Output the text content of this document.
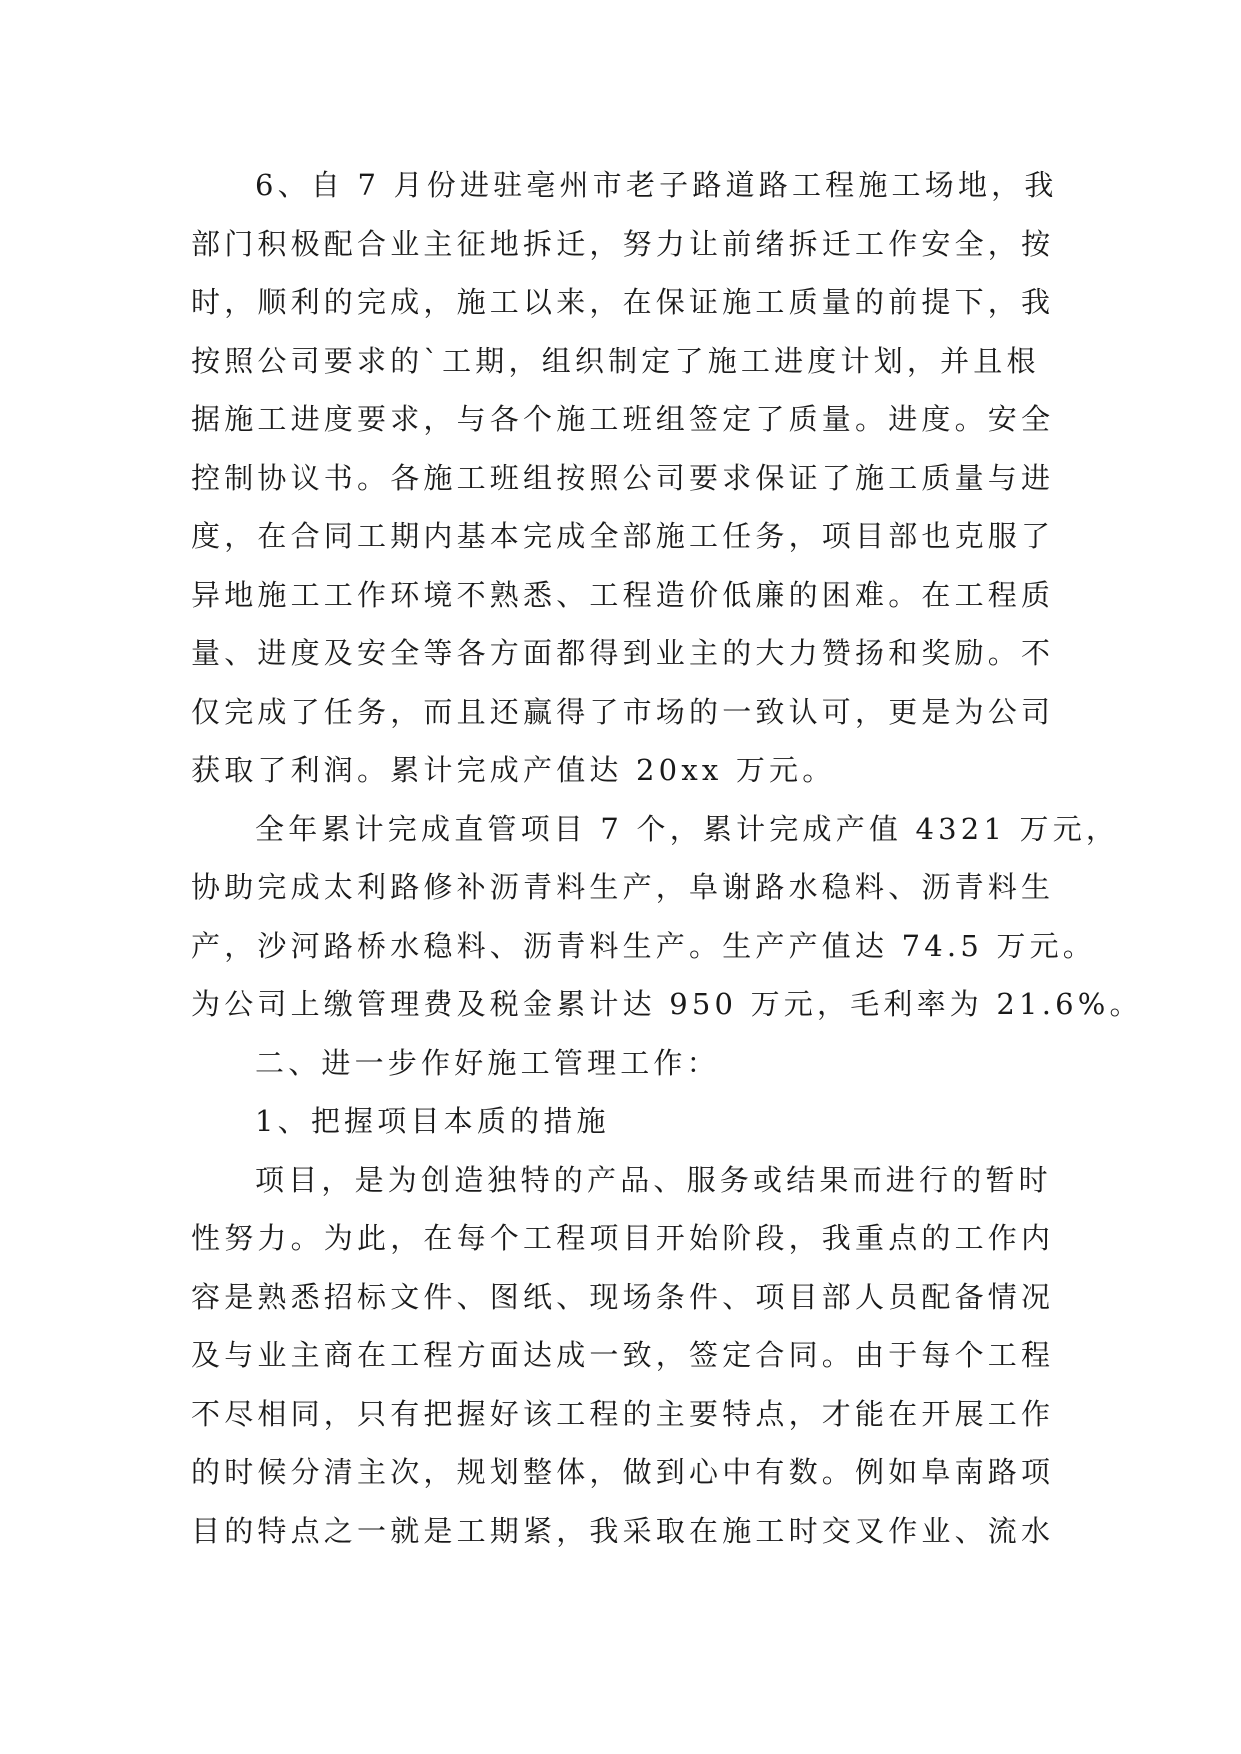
6、自 7 月份进驻亳州市老子路道路工程施工场地，我
部门积极配合业主征地拆迁，努力让前绪拆迁工作安全，按
时，顺利的完成，施工以来，在保证施工质量的前提下，我
按照公司要求的`工期，组织制定了施工进度计划，并且根
据施工进度要求，与各个施工班组签定了质量。进度。安全
控制协议书。各施工班组按照公司要求保证了施工质量与进
度，在合同工期内基本完成全部施工任务，项目部也克服了
异地施工工作环境不熟悉、工程造价低廉的困难。在工程质
量、进度及安全等各方面都得到业主的大力赞扬和奖励。不
仅完成了任务，而且还赢得了市场的一致认可，更是为公司
获取了利润。累计完成产值达 20xx 万元。
全年累计完成直管项目 7 个，累计完成产值 4321 万元，
协助完成太利路修补沥青料生产，阜谢路水稳料、沥青料生
产，沙河路桥水稳料、沥青料生产。生产产值达 74.5 万元。
为公司上缴管理费及税金累计达 950 万元，毛利率为 21.6%。
二、进一步作好施工管理工作：
1、把握项目本质的措施
项目，是为创造独特的产品、服务或结果而进行的暂时
性努力。为此，在每个工程项目开始阶段，我重点的工作内
容是熟悉招标文件、图纸、现场条件、项目部人员配备情况
及与业主商在工程方面达成一致，签定合同。由于每个工程
不尽相同，只有把握好该工程的主要特点，才能在开展工作
的时候分清主次，规划整体，做到心中有数。例如阜南路项
目的特点之一就是工期紧，我采取在施工时交叉作业、流水
